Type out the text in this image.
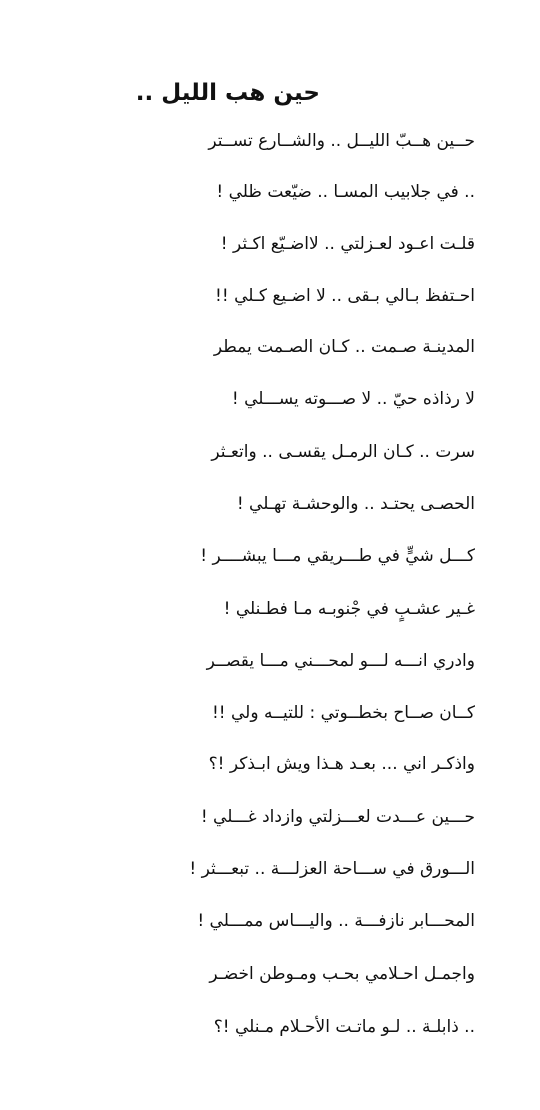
حين هب الليل ..
حــين هــبّ الليــل .. والشــارع تســتر
.. في جلابيب المسـا .. ضيّعت ظلي !
قلـت اعـود لعـزلتي .. لااضـيّع اكـثر !
احـتفظ بـالي بـقى .. لا اضـيع كـلي !!
المدينـة صـمت .. كـان الصـمت يمطر
لا رذاذه حيّ .. لا صـــوته يســـلي !
سرت .. كـان الرمـل يقسـى .. واتعـثر
الحصـى يحتـد .. والوحشـة تهـلي !
كـــل شيٍّ في طـــريقي مـــا يبشــــر !
غـير عشـبٍ في جْنوبـه مـا فطـنلي !
وادري انـــه لـــو لمحـــني مـــا يقصــر
كــان صــاح بخطــوتي : للتيــه ولي !!
واذكـر اني ... بعـد هـذا ويش ابـذكر !؟
حـــين عـــدت لعـــزلتي وازداد غـــلي !
الـــورق في ســـاحة العزلـــة .. تبعـــثر !
المحـــابر نازفـــة .. واليـــاس ممـــلي !
واجمـل احـلامي بحـب ومـوطن اخضـر
.. ذابلـة .. لـو ماتـت الأحـلام مـنلي !؟
